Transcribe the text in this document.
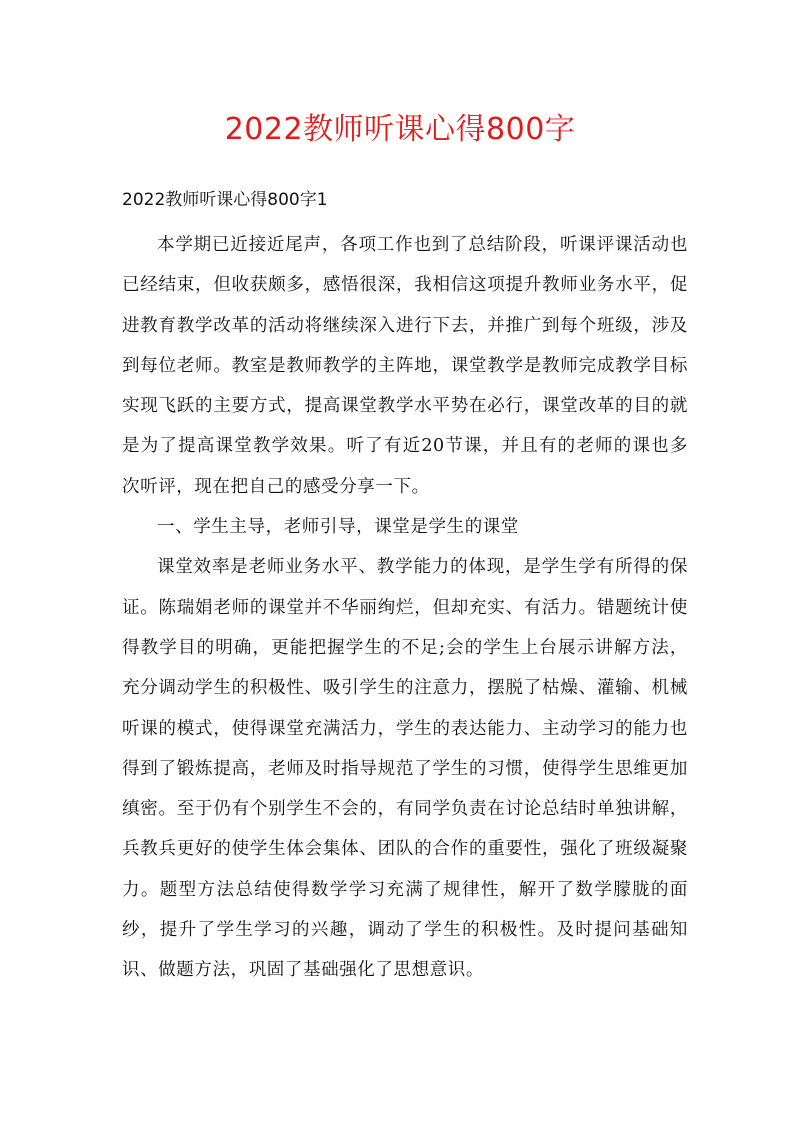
2022教师听课心得800字
2022教师听课心得800字1

本学期已近接近尾声，各项工作也到了总结阶段，听课评课活动也已经结束，但收获颇多，感悟很深，我相信这项提升教师业务水平，促进教育教学改革的活动将继续深入进行下去，并推广到每个班级，涉及到每位老师。教室是教师教学的主阵地，课堂教学是教师完成教学目标实现飞跃的主要方式，提高课堂教学水平势在必行，课堂改革的目的就是为了提高课堂教学效果。听了有近20节课，并且有的老师的课也多次听评，现在把自己的感受分享一下。

一、学生主导，老师引导，课堂是学生的课堂

课堂效率是老师业务水平、教学能力的体现，是学生学有所得的保证。陈瑞娟老师的课堂并不华丽绚烂，但却充实、有活力。错题统计使得教学目的明确，更能把握学生的不足;会的学生上台展示讲解方法，充分调动学生的积极性、吸引学生的注意力，摆脱了枯燥、灌输、机械听课的模式，使得课堂充满活力，学生的表达能力、主动学习的能力也得到了锻炼提高，老师及时指导规范了学生的习惯，使得学生思维更加缜密。至于仍有个别学生不会的，有同学负责在讨论总结时单独讲解，兵教兵更好的使学生体会集体、团队的合作的重要性，强化了班级凝聚力。题型方法总结使得数学学习充满了规律性，解开了数学朦胧的面纱，提升了学生学习的兴趣，调动了学生的积极性。及时提问基础知识、做题方法，巩固了基础强化了思想意识。
